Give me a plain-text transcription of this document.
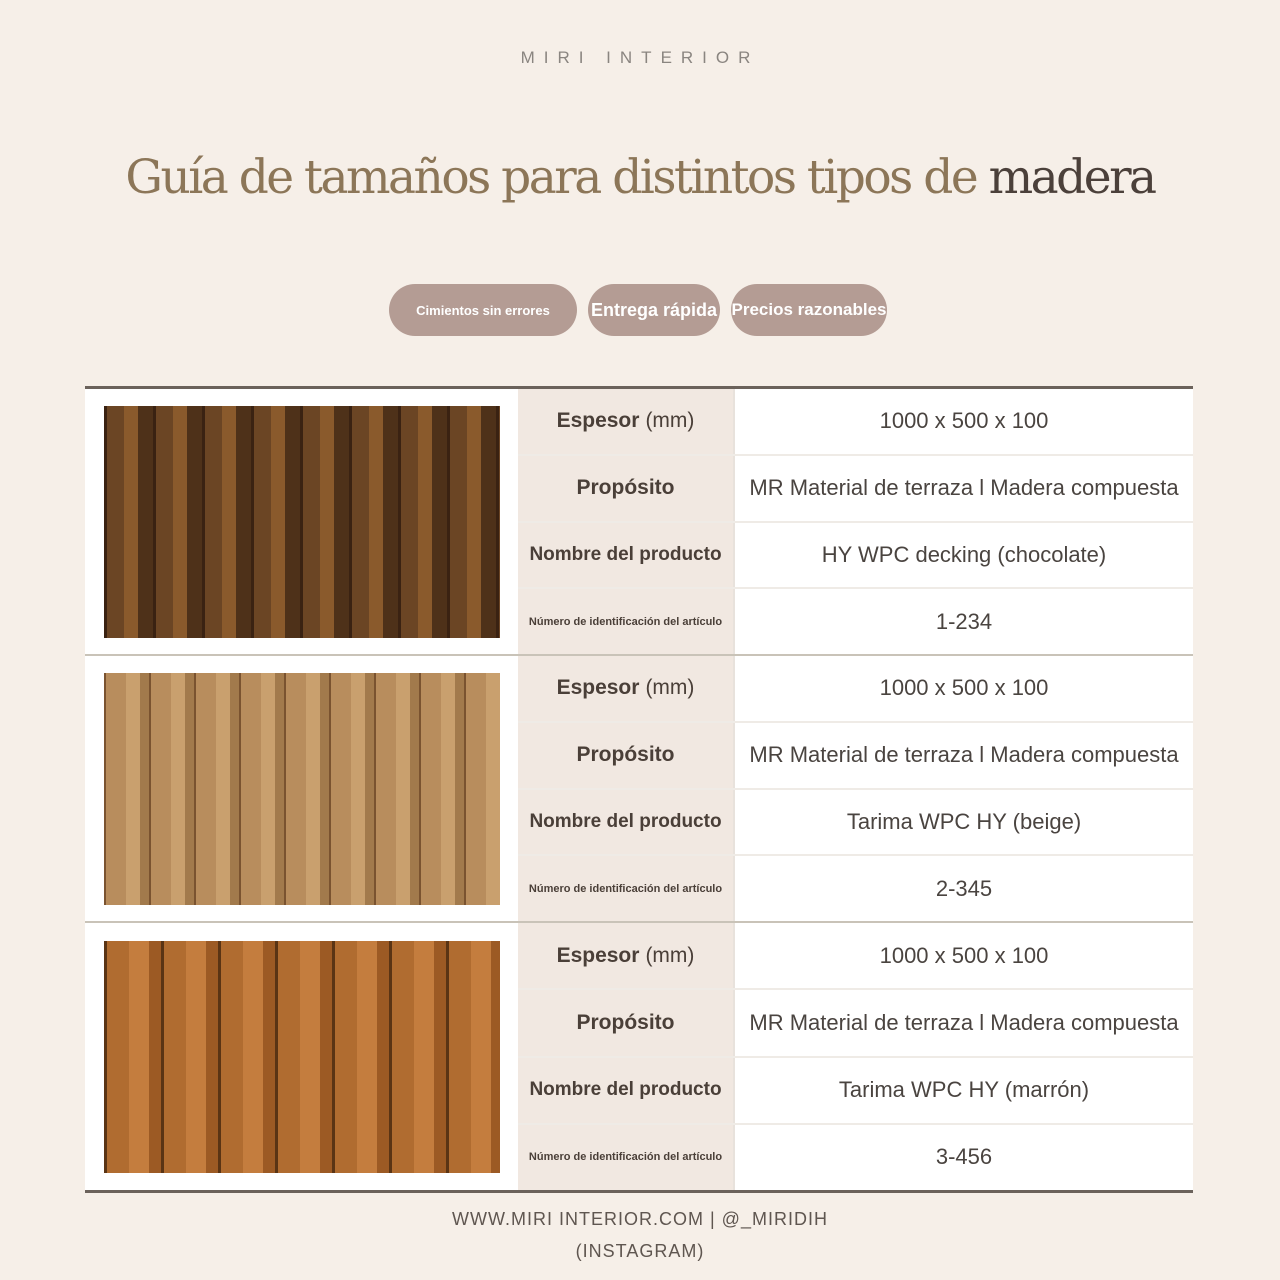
MIRI INTERIOR
Guía de tamaños para distintos tipos de madera
Cimientos sin errores	Entrega rápida Precios razonables
Espesor (mm)	1000 x 500 x 100
Propósito	MR Material de terraza l Madera compuesta
Nombre del producto	HY WPC decking (chocolate)
Número de identificación del artículo	1-234
Espesor (mm)	1000 x 500 x 100
Propósito	MR Material de terraza l Madera compuesta
Nombre del producto	Tarima WPC HY (beige)
Número de identificación del artículo	2-345
Espesor (mm)	1000 x 500 x 100
Propósito	MR Material de terraza l Madera compuesta
Nombre del producto	Tarima WPC HY (marrón)
Número de identificación del artículo	3-456
WWW.MIRI INTERIOR.COM | @_MIRIDIH (INSTAGRAM)
